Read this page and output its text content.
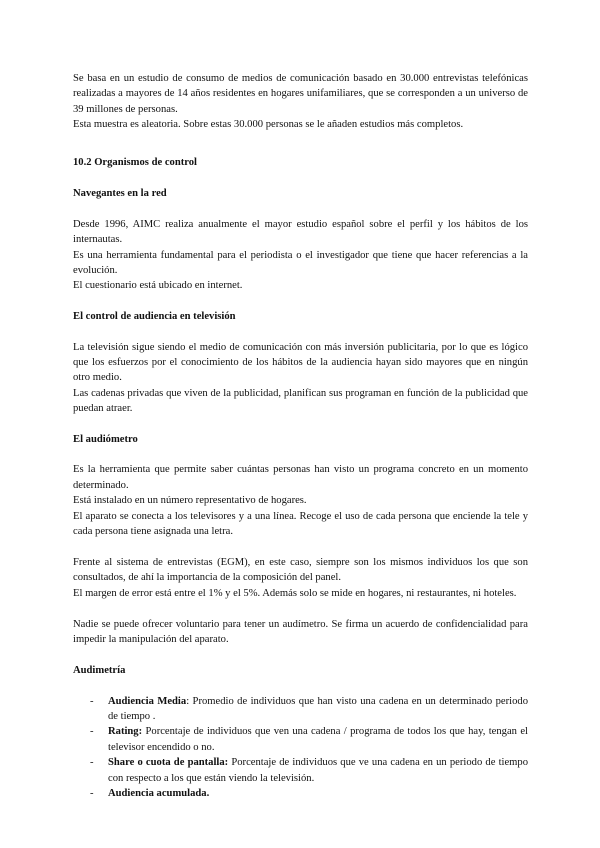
Se basa en un estudio de consumo de medios de comunicación basado en 30.000 entrevistas telefónicas realizadas a mayores de 14 años residentes en hogares unifamiliares, que se corresponden a un universo de 39 millones de personas.

Esta muestra es aleatoria. Sobre estas 30.000 personas se le añaden estudios más completos.

10.2 Organismos de control

Navegantes en la red

Desde 1996, AIMC realiza anualmente el mayor estudio español sobre el perfil y los hábitos de los internautas.

Es una herramienta fundamental para el periodista o el investigador que tiene que hacer referencias a la evolución.

El cuestionario está ubicado en internet.

El control de audiencia en televisión

La televisión sigue siendo el medio de comunicación con más inversión publicitaria, por lo que es lógico que los esfuerzos por el conocimiento de los hábitos de la audiencia hayan sido mayores que en ningún otro medio.

Las cadenas privadas que viven de la publicidad, planifican sus programan en función de la publicidad que puedan atraer.

El audiómetro

Es la herramienta que permite saber cuántas personas han visto un programa concreto en un momento determinado.

Está instalado en un número representativo de hogares.

El aparato se conecta a los televisores y a una línea. Recoge el uso de cada persona que enciende la tele y cada persona tiene asignada una letra.

Frente al sistema de entrevistas (EGM), en este caso, siempre son los mismos individuos los que son consultados, de ahí la importancia de la composición del panel.

El margen de error está entre el 1% y el 5%. Además solo se mide en hogares, ni restaurantes, ni hoteles.

Nadie se puede ofrecer voluntario para tener un audímetro. Se firma un acuerdo de confidencialidad para impedir la manipulación del aparato.

Audimetría

- Audiencia Media: Promedio de individuos que han visto una cadena en un determinado periodo de tiempo .
- Rating: Porcentaje de individuos que ven una cadena / programa de todos los que hay, tengan el televisor encendido o no.
- Share o cuota de pantalla: Porcentaje de individuos que ve una cadena en un periodo de tiempo con respecto a los que están viendo la televisión.
- Audiencia acumulada.
